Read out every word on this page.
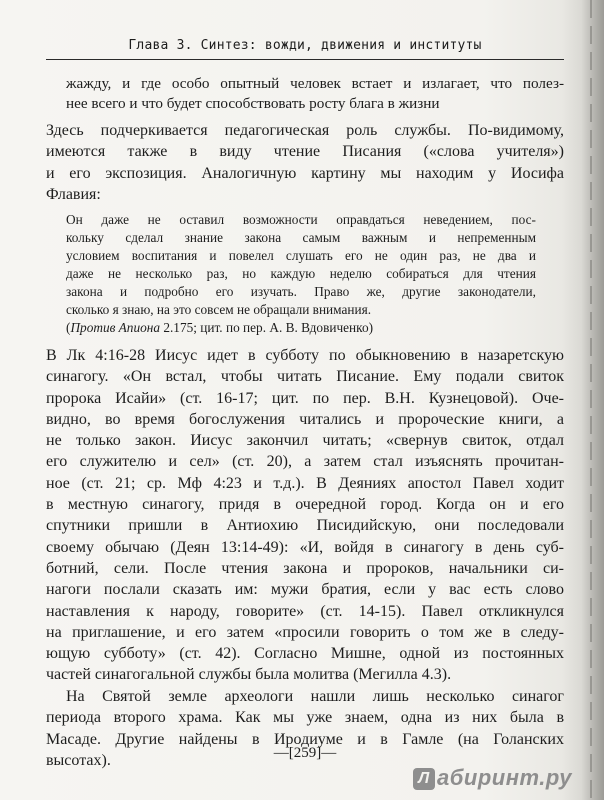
Глава 3. Синтез: вожди, движения и институты

жажду, и где особо опытный человек встает и излагает, что полез-
нее всего и что будет способствовать росту блага в жизни

Здесь подчеркивается педагогическая роль службы. По-видимому,
имеются также в виду чтение Писания («слова учителя»)
и его экспозиция. Аналогичную картину мы находим у Иосифа
Флавия:

Он даже не оставил возможности оправдаться неведением, пос-
кольку сделал знание закона самым важным и непременным
условием воспитания и повелел слушать его не один раз, не два и
даже не несколько раз, но каждую неделю собираться для чтения
закона и подробно его изучать. Право же, другие законодатели,
сколько я знаю, на это совсем не обращали внимания.
(Против Апиона 2.175; цит. по пер. А. В. Вдовиченко)

В Лк 4:16-28 Иисус идет в субботу по обыкновению в назаретскую
синагогу. «Он встал, чтобы читать Писание. Ему подали свиток
пророка Исайи» (ст. 16-17; цит. по пер. В.Н. Кузнецовой). Оче-
видно, во время богослужения читались и пророческие книги, а
не только закон. Иисус закончил читать; «свернув свиток, отдал
его служителю и сел» (ст. 20), а затем стал изъяснять прочитан-
ное (ст. 21; ср. Мф 4:23 и т.д.). В Деяниях апостол Павел ходит
в местную синагогу, придя в очередной город. Когда он и его
спутники пришли в Антиохию Писидийскую, они последовали
своему обычаю (Деян 13:14-49): «И, войдя в синагогу в день суб-
ботний, сели. После чтения закона и пророков, начальники си-
нагоги послали сказать им: мужи братия, если у вас есть слово
наставления к народу, говорите» (ст. 14-15). Павел откликнулся
на приглашение, и его затем «просили говорить о том же в следу-
ющую субботу» (ст. 42). Согласно Мишне, одной из постоянных
частей синагогальной службы была молитва (Мегилла 4.3).

На Святой земле археологи нашли лишь несколько синагог
периода второго храма. Как мы уже знаем, одна из них была в
Масаде. Другие найдены в Иродиуме и в Гамле (на Голанских
высотах).	—[259]—
Л абиринт.ру
